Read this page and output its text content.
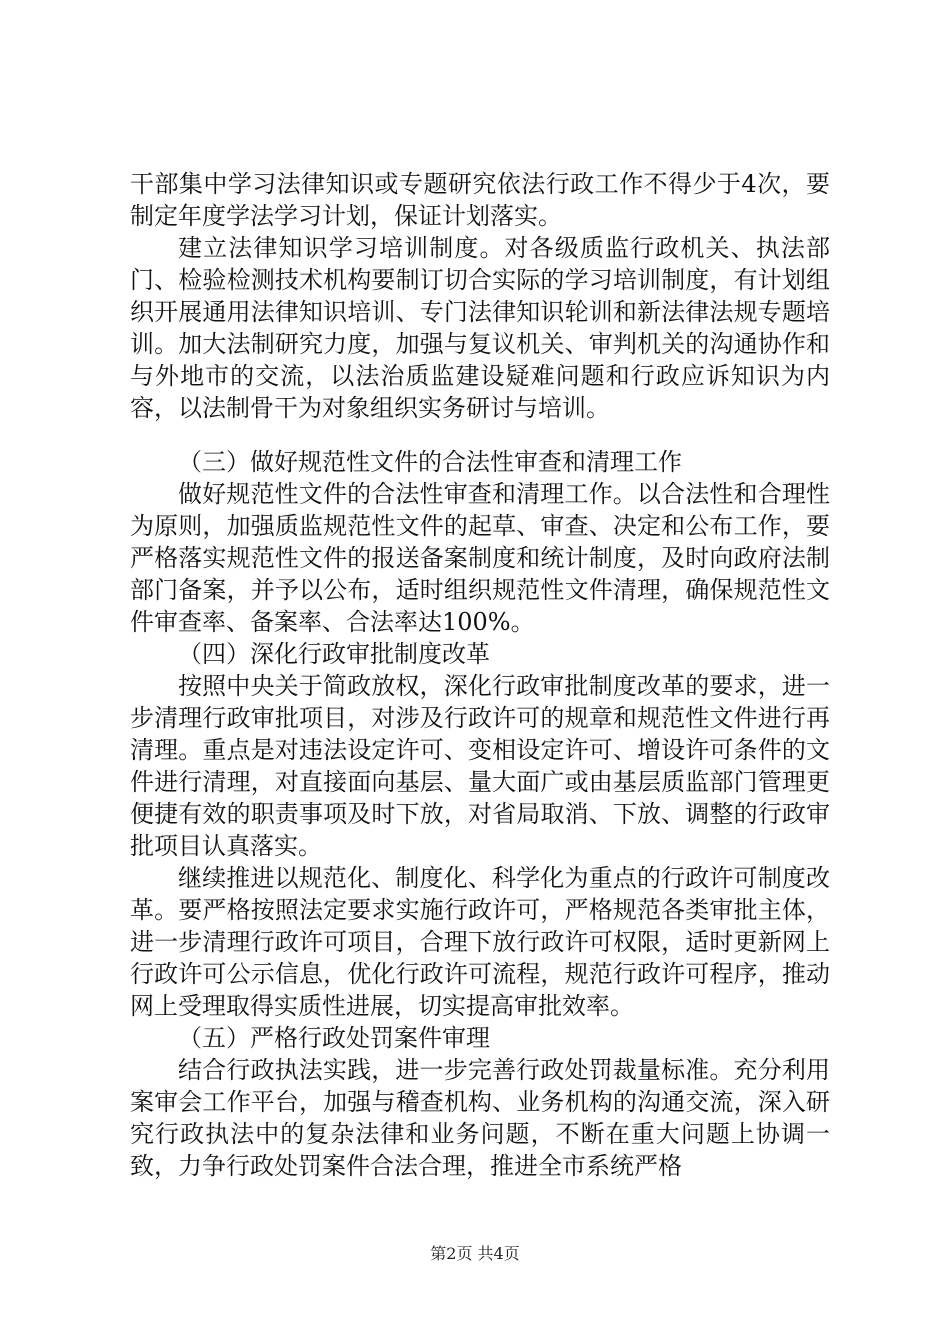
干部集中学习法律知识或专题研究依法行政工作不得少于4次，要制定年度学法学习计划，保证计划落实。

建立法律知识学习培训制度。对各级质监行政机关、执法部门、检验检测技术机构要制订切合实际的学习培训制度，有计划组织开展通用法律知识培训、专门法律知识轮训和新法律法规专题培训。加大法制研究力度，加强与复议机关、审判机关的沟通协作和与外地市的交流，以法治质监建设疑难问题和行政应诉知识为内容，以法制骨干为对象组织实务研讨与培训。

（三）做好规范性文件的合法性审查和清理工作

做好规范性文件的合法性审查和清理工作。以合法性和合理性为原则，加强质监规范性文件的起草、审查、决定和公布工作，要严格落实规范性文件的报送备案制度和统计制度，及时向政府法制部门备案，并予以公布，适时组织规范性文件清理，确保规范性文件审查率、备案率、合法率达100%。

（四）深化行政审批制度改革

按照中央关于简政放权，深化行政审批制度改革的要求，进一步清理行政审批项目，对涉及行政许可的规章和规范性文件进行再清理。重点是对违法设定许可、变相设定许可、增设许可条件的文件进行清理，对直接面向基层、量大面广或由基层质监部门管理更便捷有效的职责事项及时下放，对省局取消、下放、调整的行政审批项目认真落实。

继续推进以规范化、制度化、科学化为重点的行政许可制度改革。要严格按照法定要求实施行政许可，严格规范各类审批主体，进一步清理行政许可项目，合理下放行政许可权限，适时更新网上行政许可公示信息，优化行政许可流程，规范行政许可程序，推动网上受理取得实质性进展，切实提高审批效率。

（五）严格行政处罚案件审理

结合行政执法实践，进一步完善行政处罚裁量标准。充分利用案审会工作平台，加强与稽查机构、业务机构的沟通交流，深入研究行政执法中的复杂法律和业务问题，不断在重大问题上协调一致，力争行政处罚案件合法合理，推进全市系统严格

第2页 共4页
